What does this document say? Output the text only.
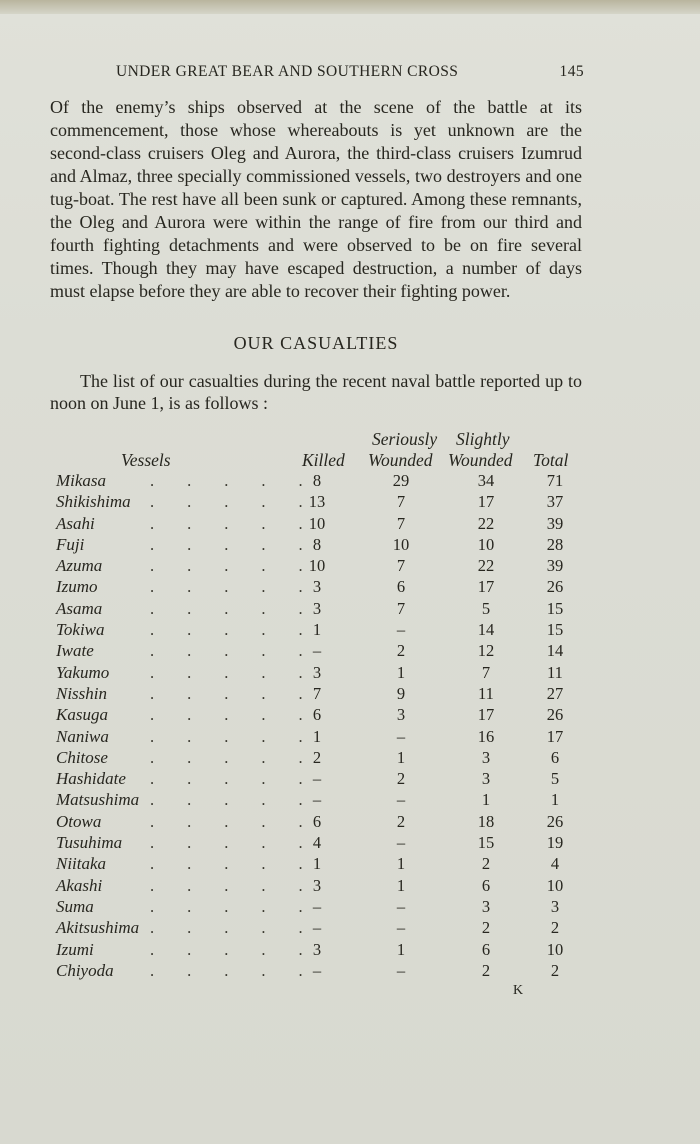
UNDER GREAT BEAR AND SOUTHERN CROSS	145

Of the enemy’s ships observed at the scene of the battle at its commencement, those whose whereabouts is yet unknown are the second-class cruisers Oleg and Aurora, the third-class cruisers Izumrud and Almaz, three specially commissioned vessels, two destroyers and one tug-boat. The rest have all been sunk or captured. Among these remnants, the Oleg and Aurora were within the range of fire from our third and fourth fighting detachments and were observed to be on fire several times. Though they may have escaped destruction, a number of days must elapse before they are able to recover their fighting power.

OUR CASUALTIES
The list of our casualties during the recent naval battle reported up to noon on June 1, is as follows :
Seriously Slightly
Vessels	Killed Wounded Wounded Total
Mikasa	.  .  .  .  . 8	29	34	71
Shikishima .  .  .  .  . 13	7	17	37
Asahi	.  .  .  .  . 10	7	22	39
Fuji	.  .  .  .  . 8	10	10	28
Azuma	.  .  .  .  . 10	7	22	39
Izumo	.  .  .  .  . 3	6	17	26
Asama	.  .  .  .  . 3	7	5	15
Tokiwa	.  .  .  .  . 1	–	14	15
Iwate	.  .  .  .  . –	2	12	14
Yakumo .  .  .  .  . 3	1	7	11
Nisshin	.  .  .  .  . 7	9	11	27
Kasuga	.  .  .  .  . 6	3	17	26
Naniwa .  .  .  .  . 1	–	16	17
Chitose	.  .  .  .  . 2	1	3	6
Hashidate .  .  .  .  . –	2	3	5
Matsushima .  .  .  .  . –	–	1	1
Otowa	.  .  .  .  . 6	2	18	26
Tusuhima .  .  .  .  . 4	–	15	19
Niitaka	.  .  .  .  . 1	1	2	4
Akashi	.  .  .  .  . 3	1	6	10
Suma	.  .  .  .  . –	–	3	3
Akitsushima .  .  .  .  . –	–	2	2
Izumi	.  .  .  .  . 3	1	6	10
Chiyoda .  .  .  .  . –	–	2	2
K
